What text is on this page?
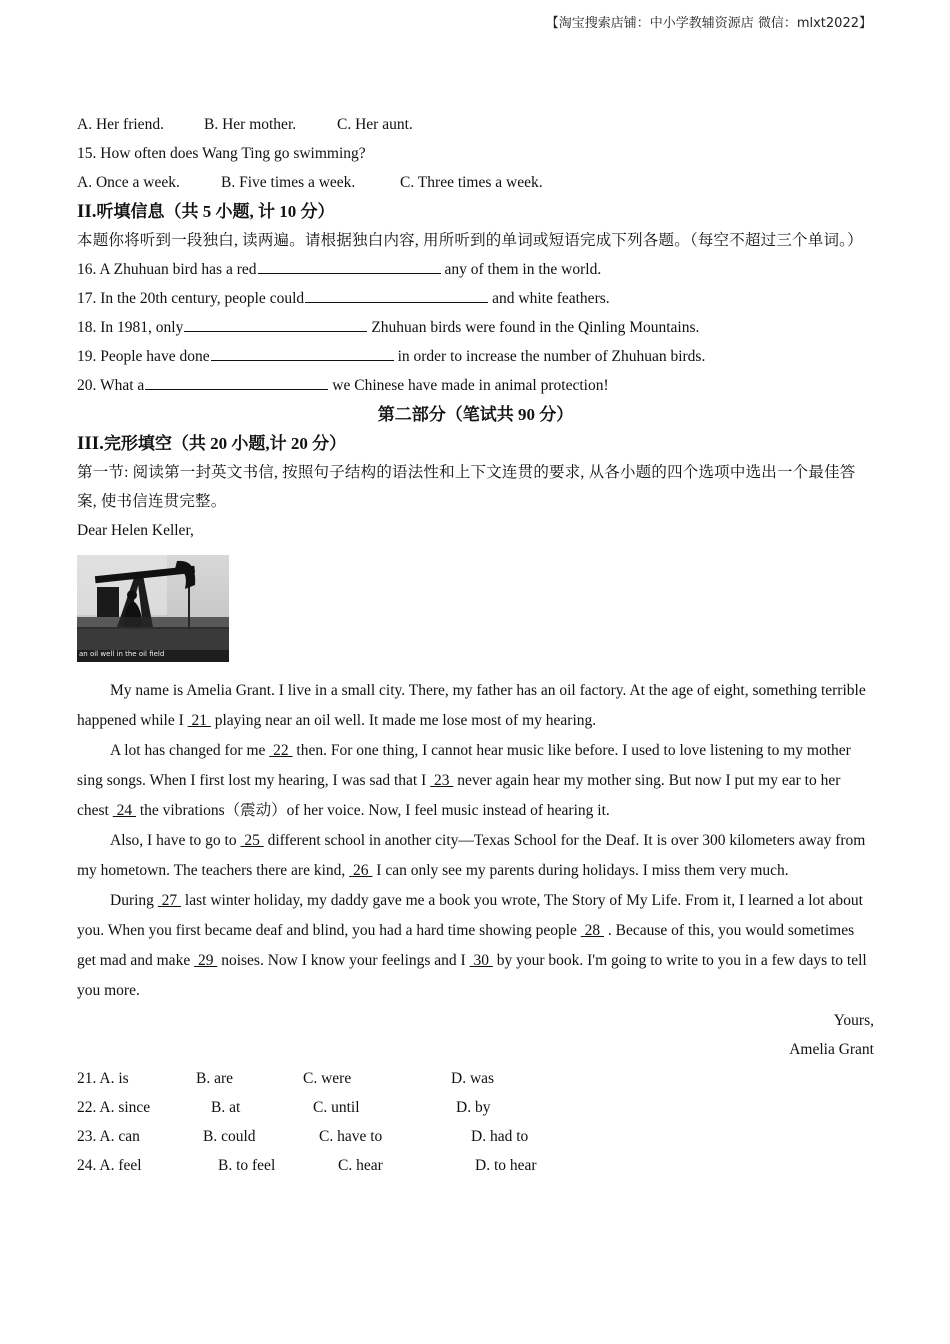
【淘宝搜索店铺：中小学教辅资源店 微信：mlxt2022】
A. Her friend.	B. Her mother.	C. Her aunt.
15. How often does Wang Ting go swimming?
A. Once a week.	B. Five times a week.	C. Three times a week.
II.听填信息（共 5 小题, 计 10 分）
本题你将听到一段独白, 读两遍。请根据独白内容, 用所听到的单词或短语完成下列各题。（每空不超过三个单词。）
16. A Zhuhuan bird has a red	any of them in the world.
17. In the 20th century, people could	and white feathers.
18. In 1981, only	Zhuhuan birds were found in the Qinling Mountains.
19. People have done	in order to increase the number of Zhuhuan birds.
20. What a	we Chinese have made in animal protection!
第二部分（笔试共 90 分）
III.完形填空（共 20 小题,计 20 分）
第一节: 阅读第一封英文书信, 按照句子结构的语法性和上下文连贯的要求, 从各小题的四个选项中选出一个最佳答案, 使书信连贯完整。
Dear Helen Keller,
an oil well in the oil field

My name is Amelia Grant. I live in a small city. There, my father has an oil factory. At the age of eight, something terrible happened while I  21  playing near an oil well. It made me lose most of my hearing.

A lot has changed for me  22  then. For one thing, I cannot hear music like before. I used to love listening to my mother sing songs. When I first lost my hearing, I was sad that I  23  never again hear my mother sing. But now I put my ear to her chest  24  the vibrations（震动）of her voice. Now, I feel music instead of hearing it.

Also, I have to go to  25  different school in another city—Texas School for the Deaf. It is over 300 kilometers away from my hometown. The teachers there are kind,  26  I can only see my parents during holidays. I miss them very much.

During  27  last winter holiday, my daddy gave me a book you wrote, The Story of My Life. From it, I learned a lot about you. When you first became deaf and blind, you had a hard time showing people  28  . Because of this, you would sometimes get mad and make  29  noises. Now I know your feelings and I  30  by your book. I'm going to write to you in a few days to tell you more.

Yours,
Amelia Grant
21. A. is	B. are	C. were	D. was
22. A. since	B. at	C. until	D. by
23. A. can	B. could	C. have to	D. had to
24. A. feel	B. to feel	C. hear	D. to hear
